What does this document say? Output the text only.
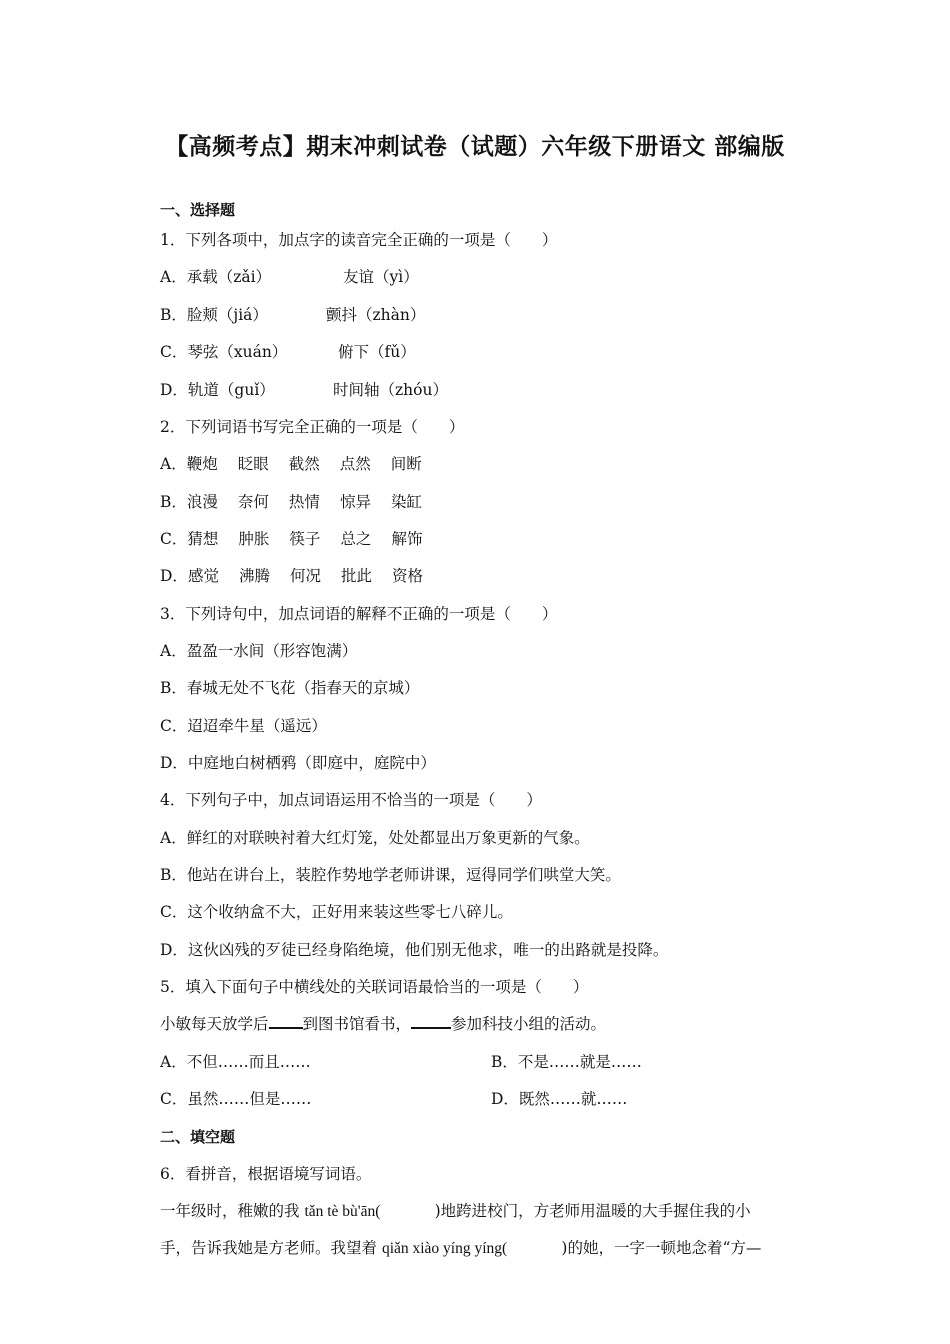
【高频考点】期末冲刺试卷（试题）六年级下册语文 部编版
一、选择题
1．下列各项中，加点字的读音完全正确的一项是（　　）
A．承载（zǎi）	友谊（yì）
B．脸颊（jiá）	颤抖（zhàn）
C．琴弦（xuán）	俯下（fǔ）
D．轨道（guǐ）	时间轴（zhóu）
2．下列词语书写完全正确的一项是（　　）
A．鞭炮 眨眼 截然 点然 间断
B．浪漫 奈何 热情 惊异 染缸
C．猜想 肿胀 筷子 总之 解饰
D．感觉 沸腾 何况 批此 资格
3．下列诗句中，加点词语的解释不正确的一项是（　　）
A．盈盈一水间（形容饱满）
B．春城无处不飞花（指春天的京城）
C．迢迢牵牛星（遥远）
D．中庭地白树栖鸦（即庭中，庭院中）
4．下列句子中，加点词语运用不恰当的一项是（　　）
A．鲜红的对联映衬着大红灯笼，处处都显出万象更新的气象。
B．他站在讲台上，装腔作势地学老师讲课，逗得同学们哄堂大笑。
C．这个收纳盒不大，正好用来装这些零七八碎儿。
D．这伙凶残的歹徒已经身陷绝境，他们别无他求，唯一的出路就是投降。
5．填入下面句子中横线处的关联词语最恰当的一项是（　　）
小敏每天放学后 到图书馆看书，	参加科技小组的活动。
A．不但……而且……	B．不是……就是……
C．虽然……但是……	D．既然……就……
二、填空题
6．看拼音，根据语境写词语。
一年级时，稚嫩的我 tǎn tè bù'ān(           )地跨进校门，方老师用温暖的大手握住我的小
手，告诉我她是方老师。我望着 qiǎn xiào yíng yíng(           )的她，一字一顿地念着“方—
